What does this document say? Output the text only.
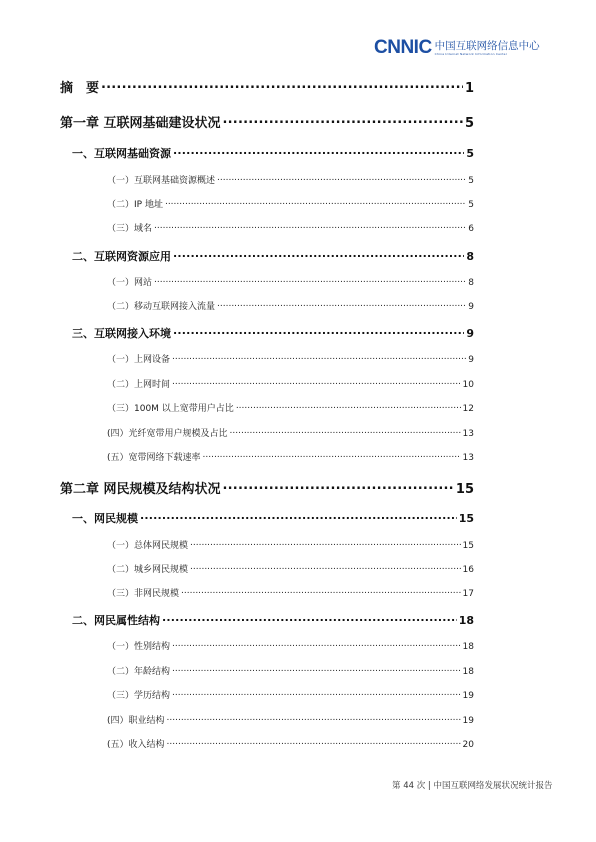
CNNIC 中国互联网络信息中心
China Internet Network Information Center
摘　要 .....	1
第一章 互联网基础建设状况 .....	5
一、互联网基础资源 .....	5
（一）互联网基础资源概述 .....	5
（二）IP 地址 .....	5
（三）域名 .....	6
二、互联网资源应用 .....	8
（一）网站 .....	8
（二）移动互联网接入流量 .....	9
三、互联网接入环境 .....	9
（一）上网设备 .....	9
（二）上网时间 .....	10
（三）100M 以上宽带用户占比 .....	12
(四）光纤宽带用户规模及占比 .....	13
(五）宽带网络下载速率 .....	13
第二章 网民规模及结构状况 .....	15
一、网民规模 .....	15
（一）总体网民规模 .....	15
（二）城乡网民规模 .....	16
（三）非网民规模 .....	17
二、网民属性结构 .....	18
（一）性别结构 .....	18
（二）年龄结构 .....	18
（三）学历结构 .....	19
(四）职业结构 .....	19
(五）收入结构 .....	20
第 44 次 | 中国互联网络发展状况统计报告
